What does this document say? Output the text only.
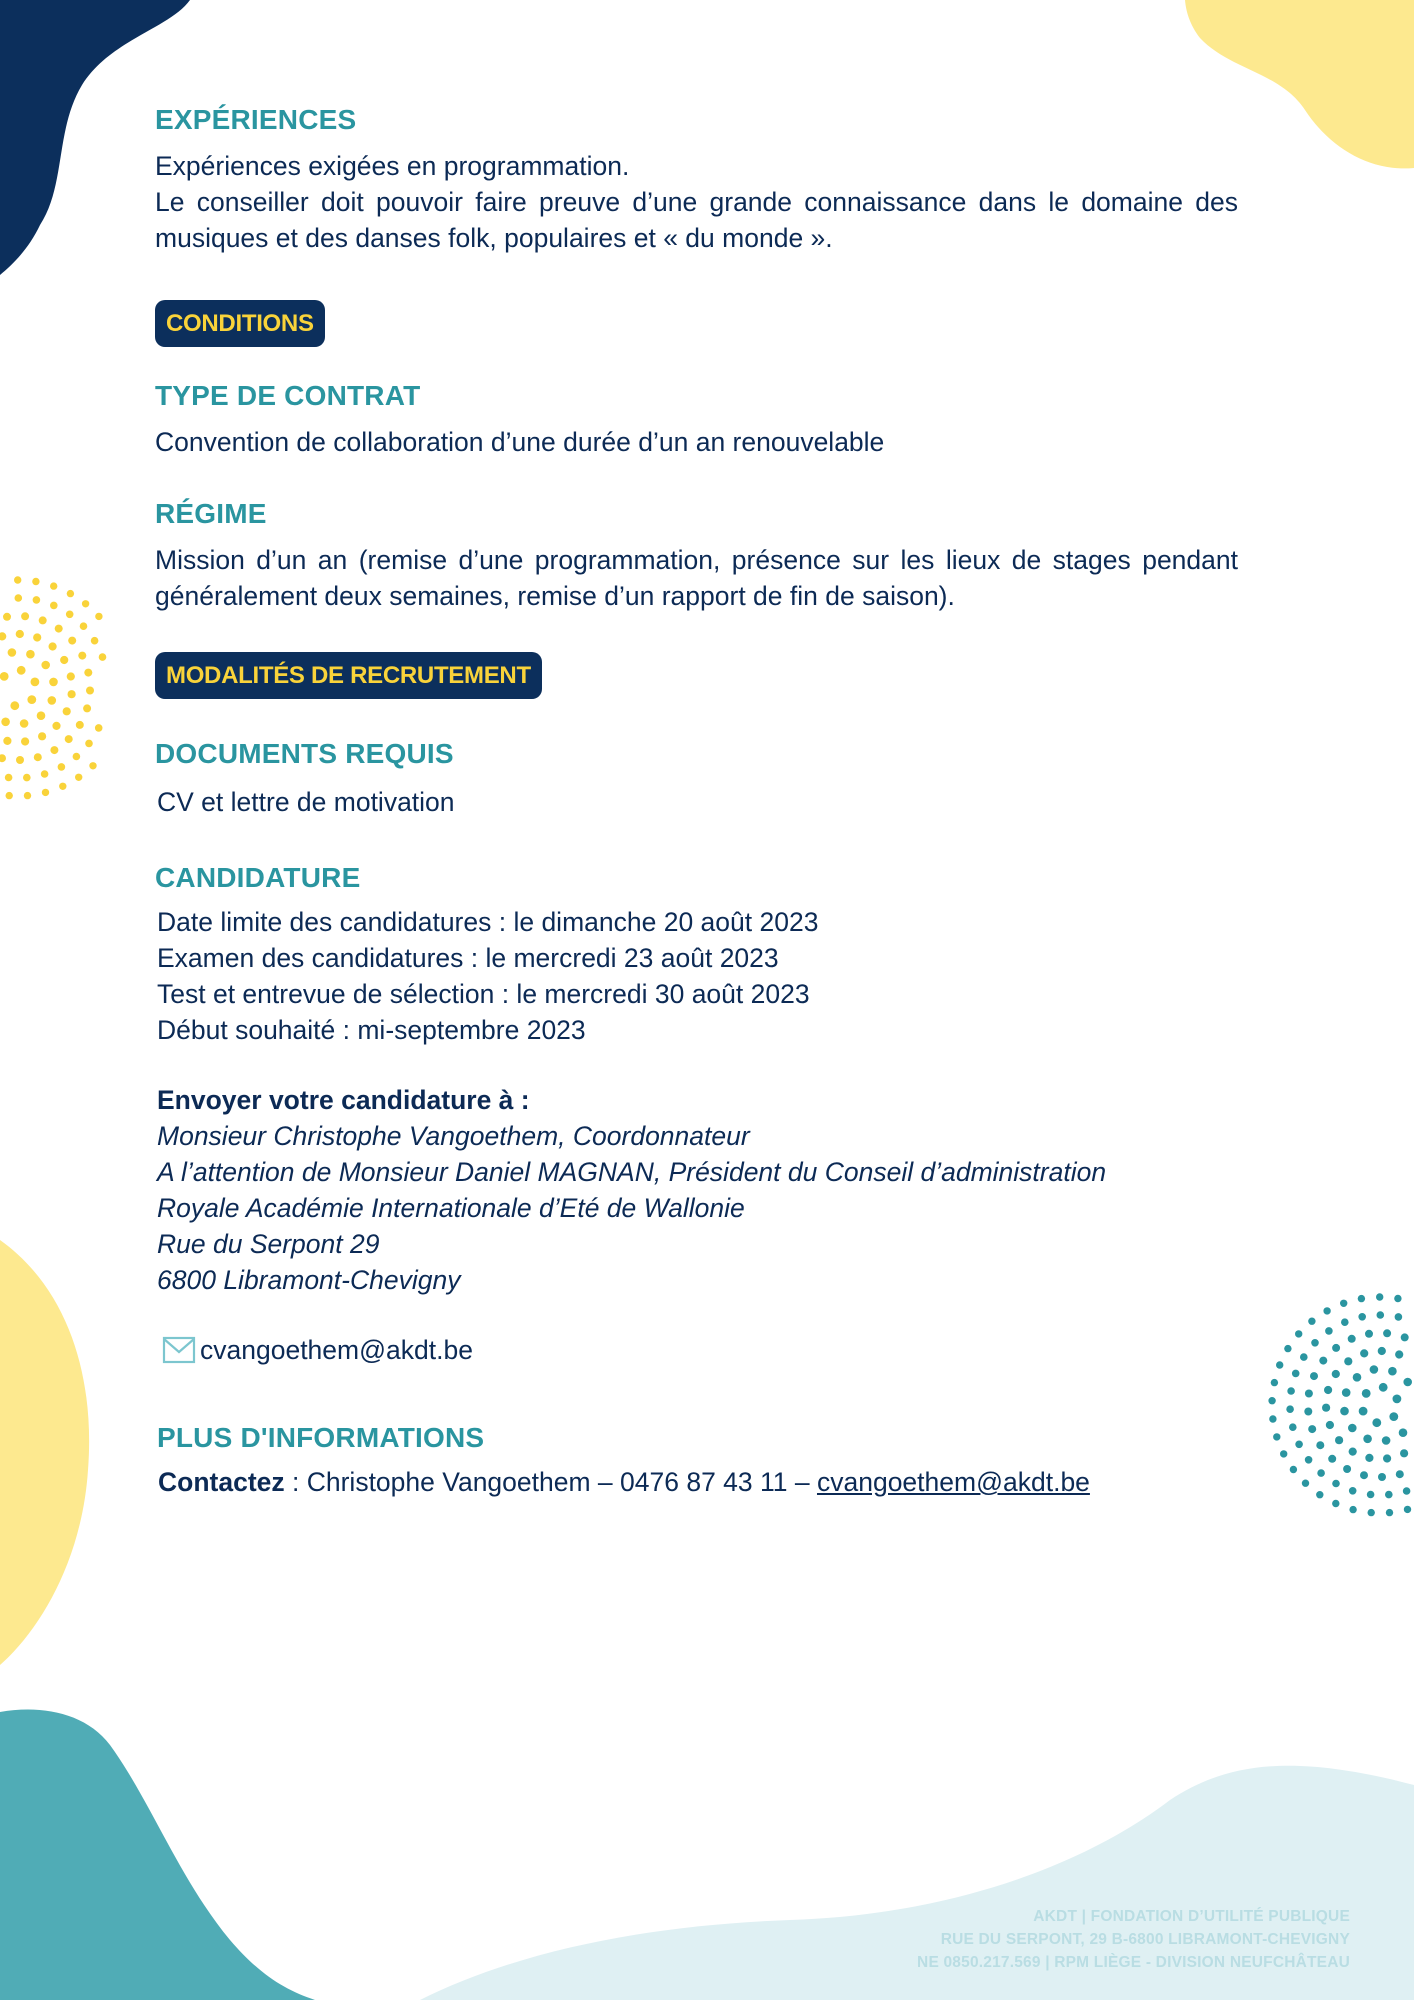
EXPÉRIENCES

Expériences exigées en programmation.

Le conseiller doit pouvoir faire preuve d’une grande connaissance dans le domaine des musiques et des danses folk, populaires et « du monde ».

CONDITIONS
TYPE DE CONTRAT

Convention de collaboration d’une durée d’un an renouvelable

RÉGIME

Mission d’un an (remise d’une programmation, présence sur les lieux de stages pendant généralement deux semaines, remise d’un rapport de fin de saison).

MODALITÉS DE RECRUTEMENT
DOCUMENTS REQUIS

CV et lettre de motivation

CANDIDATURE
Date limite des candidatures : le dimanche 20 août 2023
Examen des candidatures : le mercredi 23 août 2023
Test et entrevue de sélection : le mercredi 30 août 2023
Début souhaité : mi-septembre 2023
Envoyer votre candidature à :
Monsieur Christophe Vangoethem, Coordonnateur
A l’attention de Monsieur Daniel MAGNAN, Président du Conseil d’administration
Royale Académie Internationale d’Eté de Wallonie
Rue du Serpont 29
6800 Libramont-Chevigny
cvangoethem@akdt.be
PLUS D'INFORMATIONS

Contactez : Christophe Vangoethem – 0476 87 43 11 – cvangoethem@akdt.be

AKDT | FONDATION D’UTILITÉ PUBLIQUE
RUE DU SERPONT, 29 B-6800 LIBRAMONT-CHEVIGNY
NE 0850.217.569 | RPM LIÈGE - DIVISION NEUFCHÂTEAU
